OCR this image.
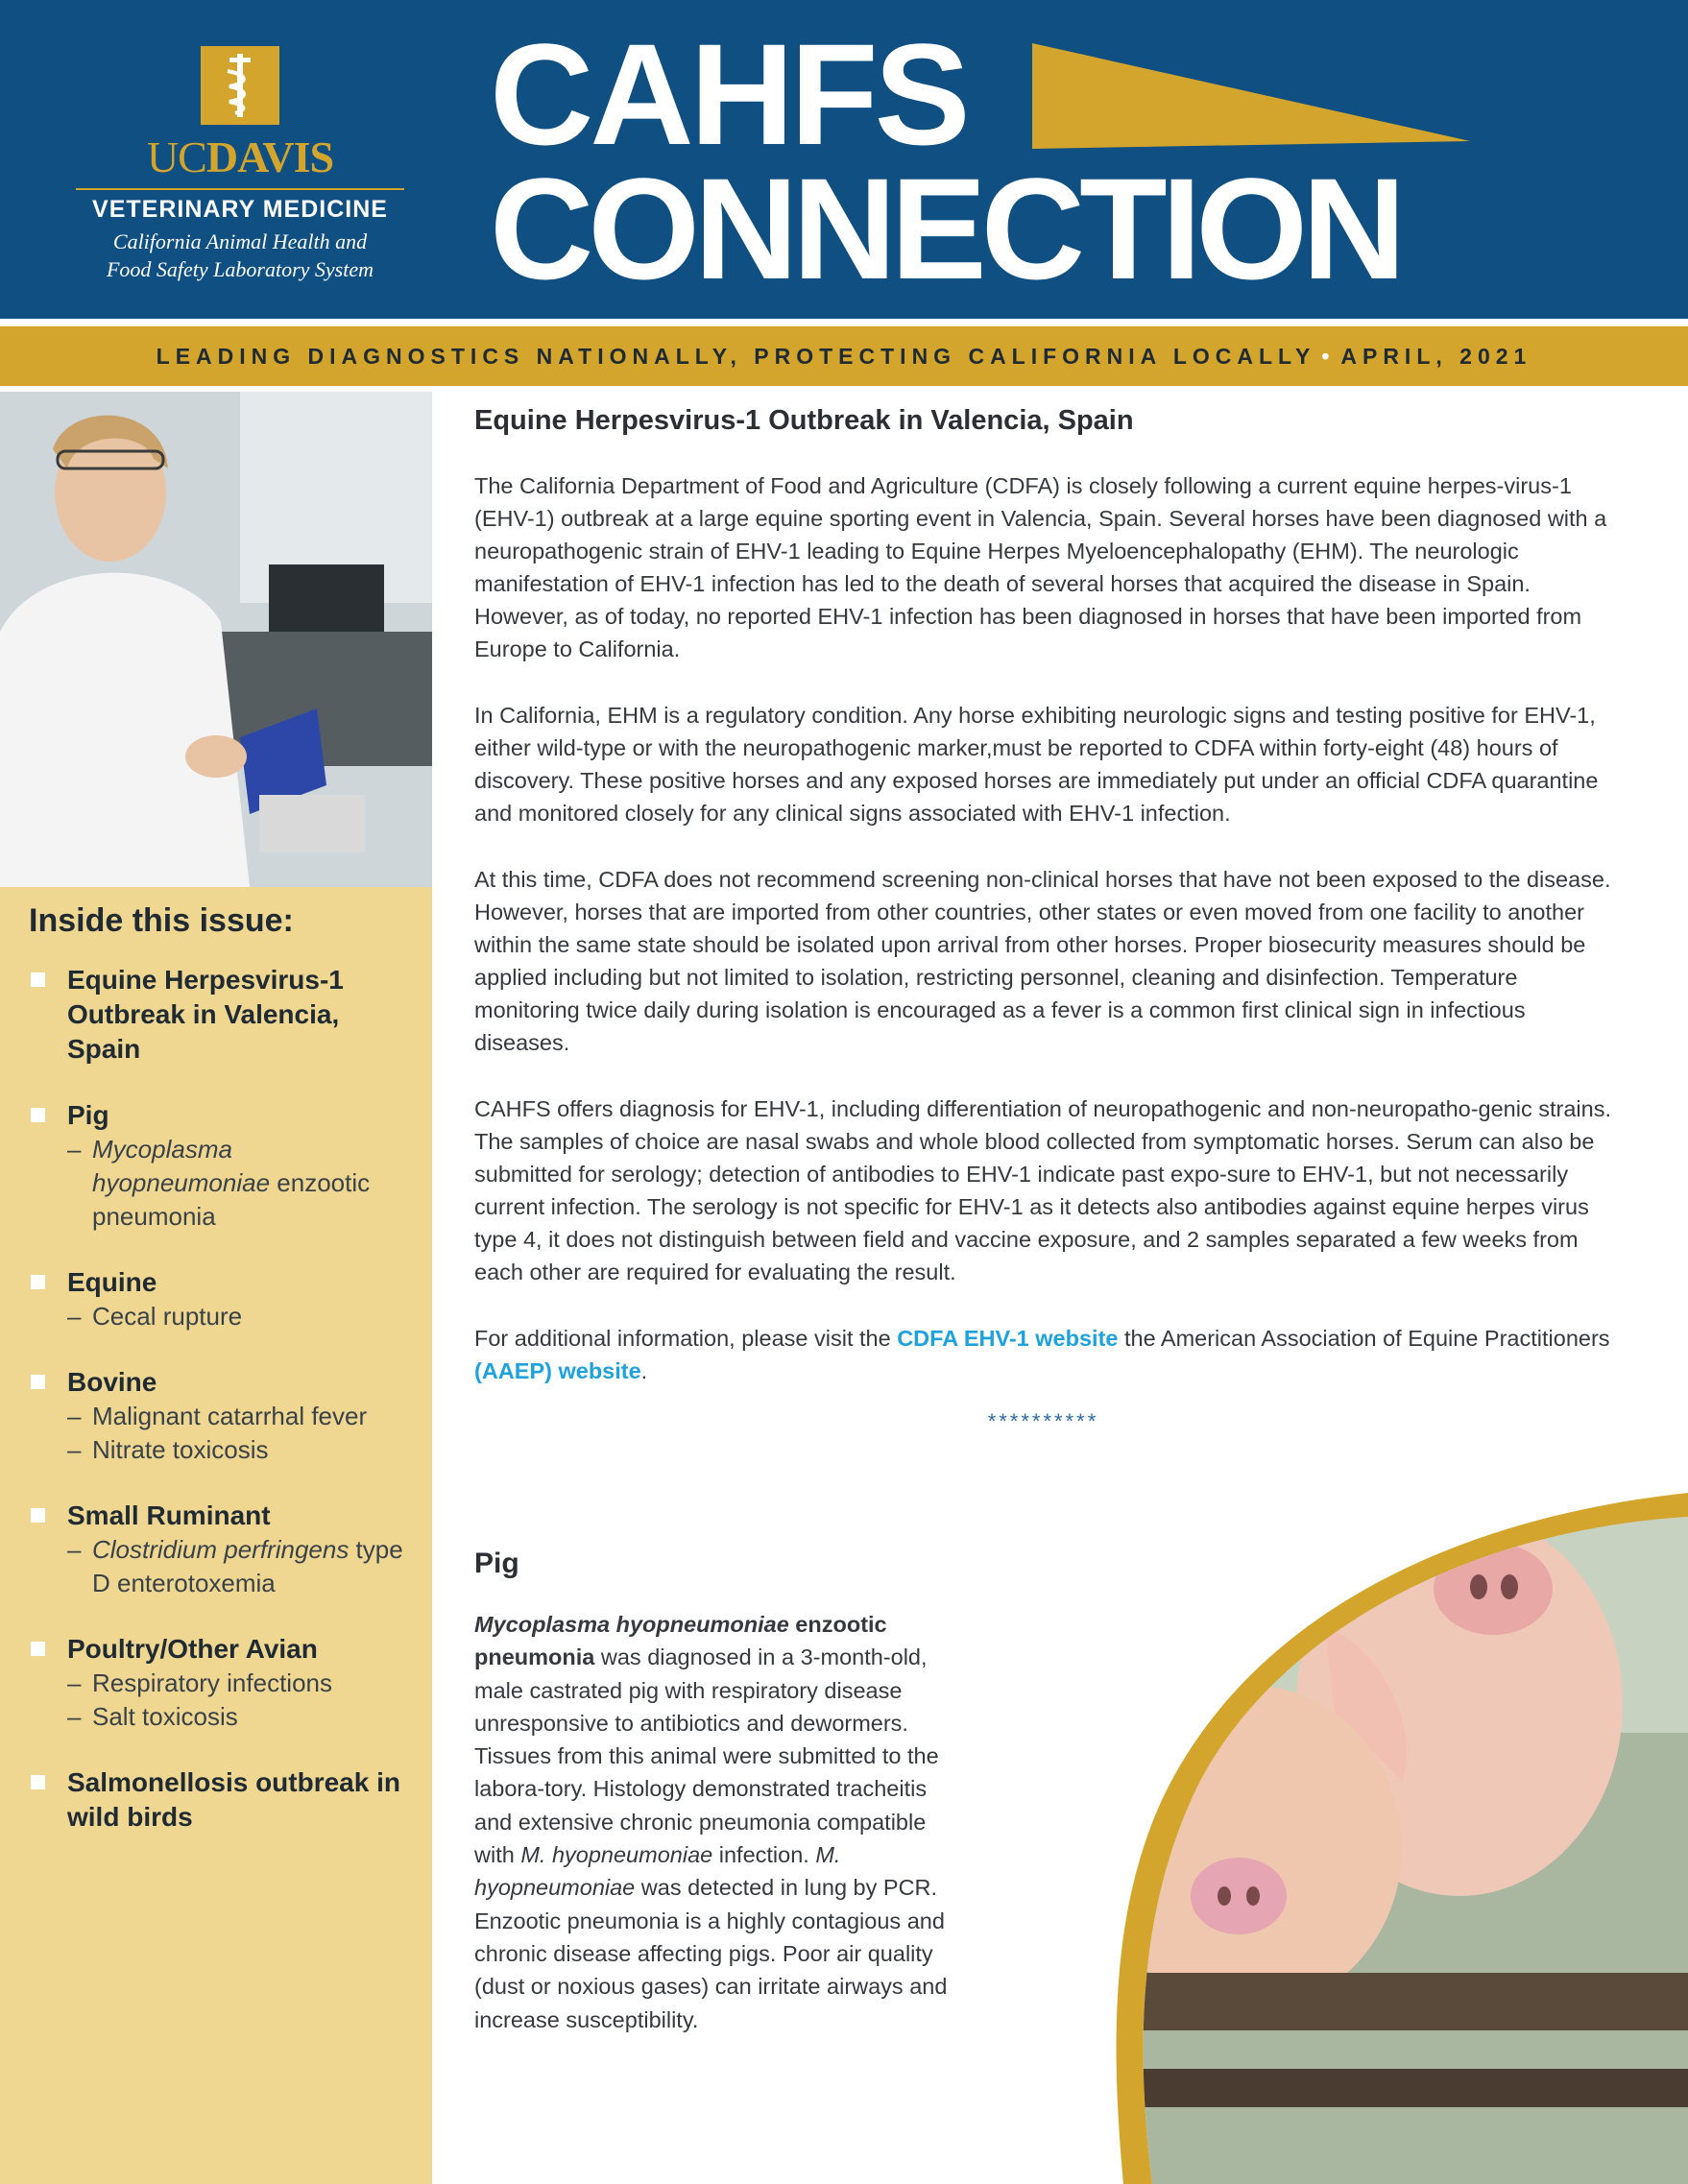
UCDAVIS
VETERINARY MEDICINE
California Animal Health and
Food Safety Laboratory System
CAHFS
CONNECTION
LEADING DIAGNOSTICS NATIONALLY, PROTECTING CALIFORNIA LOCALLY • APRIL, 2021
Inside this issue:
Equine Herpesvirus-1 Outbreak in Valencia, Spain
Pig
– Mycoplasma hyopneumoniae enzootic pneumonia
Equine
– Cecal rupture
Bovine
– Malignant catarrhal fever
– Nitrate toxicosis
Small Ruminant
– Clostridium perfringens type D enterotoxemia
Poultry/Other Avian
– Respiratory infections
– Salt toxicosis
Salmonellosis outbreak in wild birds
Equine Herpesvirus-1 Outbreak in Valencia, Spain

The California Department of Food and Agriculture (CDFA) is closely following a current equine herpes-virus-1 (EHV-1) outbreak at a large equine sporting event in Valencia, Spain. Several horses have been diagnosed with a neuropathogenic strain of EHV-1 leading to Equine Herpes Myeloencephalopathy (EHM). The neurologic manifestation of EHV-1 infection has led to the death of several horses that acquired the disease in Spain. However, as of today, no reported EHV-1 infection has been diagnosed in horses that have been imported from Europe to California.

In California, EHM is a regulatory condition. Any horse exhibiting neurologic signs and testing positive for EHV-1, either wild-type or with the neuropathogenic marker,must be reported to CDFA within forty-eight (48) hours of discovery. These positive horses and any exposed horses are immediately put under an official CDFA quarantine and monitored closely for any clinical signs associated with EHV-1 infection.

At this time, CDFA does not recommend screening non-clinical horses that have not been exposed to the disease. However, horses that are imported from other countries, other states or even moved from one facility to another within the same state should be isolated upon arrival from other horses. Proper biosecurity measures should be applied including but not limited to isolation, restricting personnel, cleaning and disinfection. Temperature monitoring twice daily during isolation is encouraged as a fever is a common first clinical sign in infectious diseases.

CAHFS offers diagnosis for EHV-1, including differentiation of neuropathogenic and non-neuropatho-genic strains. The samples of choice are nasal swabs and whole blood collected from symptomatic horses. Serum can also be submitted for serology; detection of antibodies to EHV-1 indicate past expo-sure to EHV-1, but not necessarily current infection. The serology is not specific for EHV-1 as it detects also antibodies against equine herpes virus type 4, it does not distinguish between field and vaccine exposure, and 2 samples separated a few weeks from each other are required for evaluating the result.

For additional information, please visit the CDFA EHV-1 website the American Association of Equine Practitioners (AAEP) website.

**********
Pig
Mycoplasma hyopneumoniae enzootic pneumonia was diagnosed in a 3-month-old, male castrated pig with respiratory disease unresponsive to antibiotics and dewormers. Tissues from this animal were submitted to the labora-tory. Histology demonstrated tracheitis and extensive chronic pneumonia compatible with M. hyopneumoniae infection. M. hyopneumoniae was detected in lung by PCR. Enzootic pneumonia is a highly contagious and chronic disease affecting pigs. Poor air quality (dust or noxious gases) can irritate airways and increase susceptibility.
